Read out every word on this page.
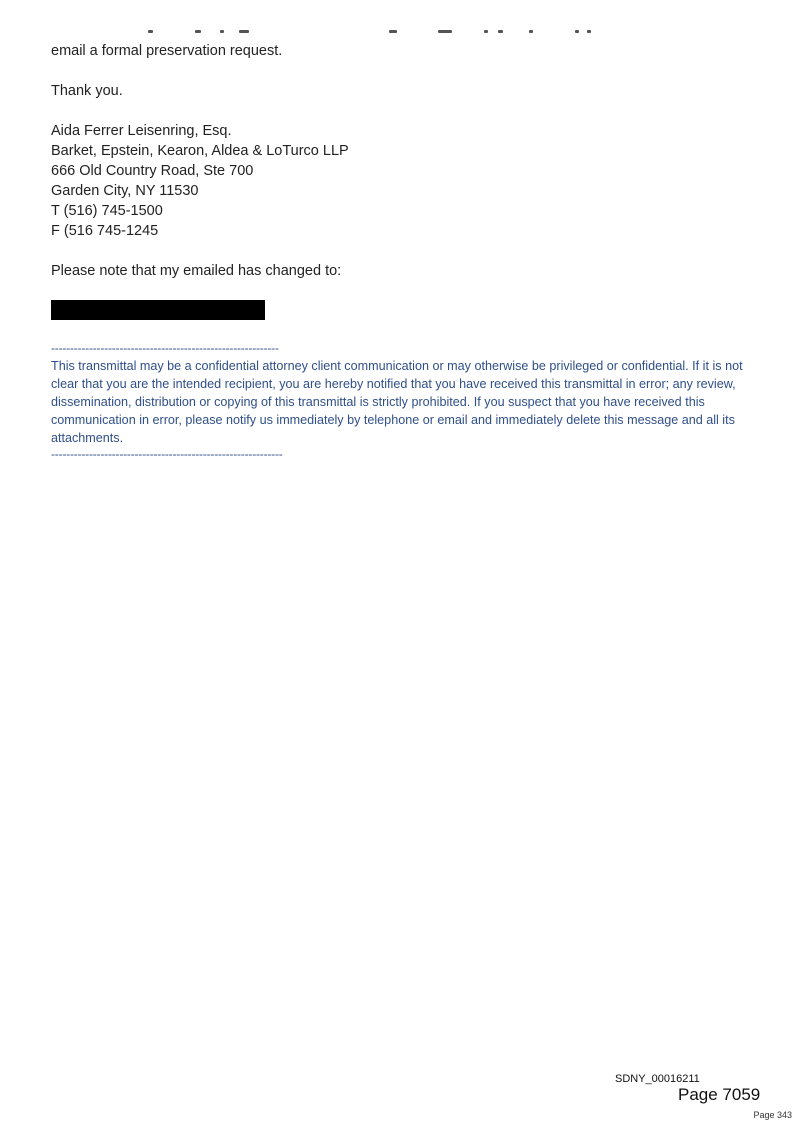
email a formal preservation request.
Thank you.
Aida Ferrer Leisenring, Esq.
Barket, Epstein, Kearon, Aldea & LoTurco LLP
666 Old Country Road, Ste 700
Garden City, NY 11530
T (516) 745-1500
F (516 745-1245
Please note that my emailed has changed to:
------------------------------------------------------------
This transmittal may be a confidential attorney client communication or may otherwise be privileged or confidential. If it is not clear that you are the intended recipient, you are hereby notified that you have received this transmittal in error; any review, dissemination, distribution or copying of this transmittal is strictly prohibited. If you suspect that you have received this communication in error, please notify us immediately by telephone or email and immediately delete this message and all its attachments.
-------------------------------------------------------------
SDNY_00016211
Page 7059
Page 343
